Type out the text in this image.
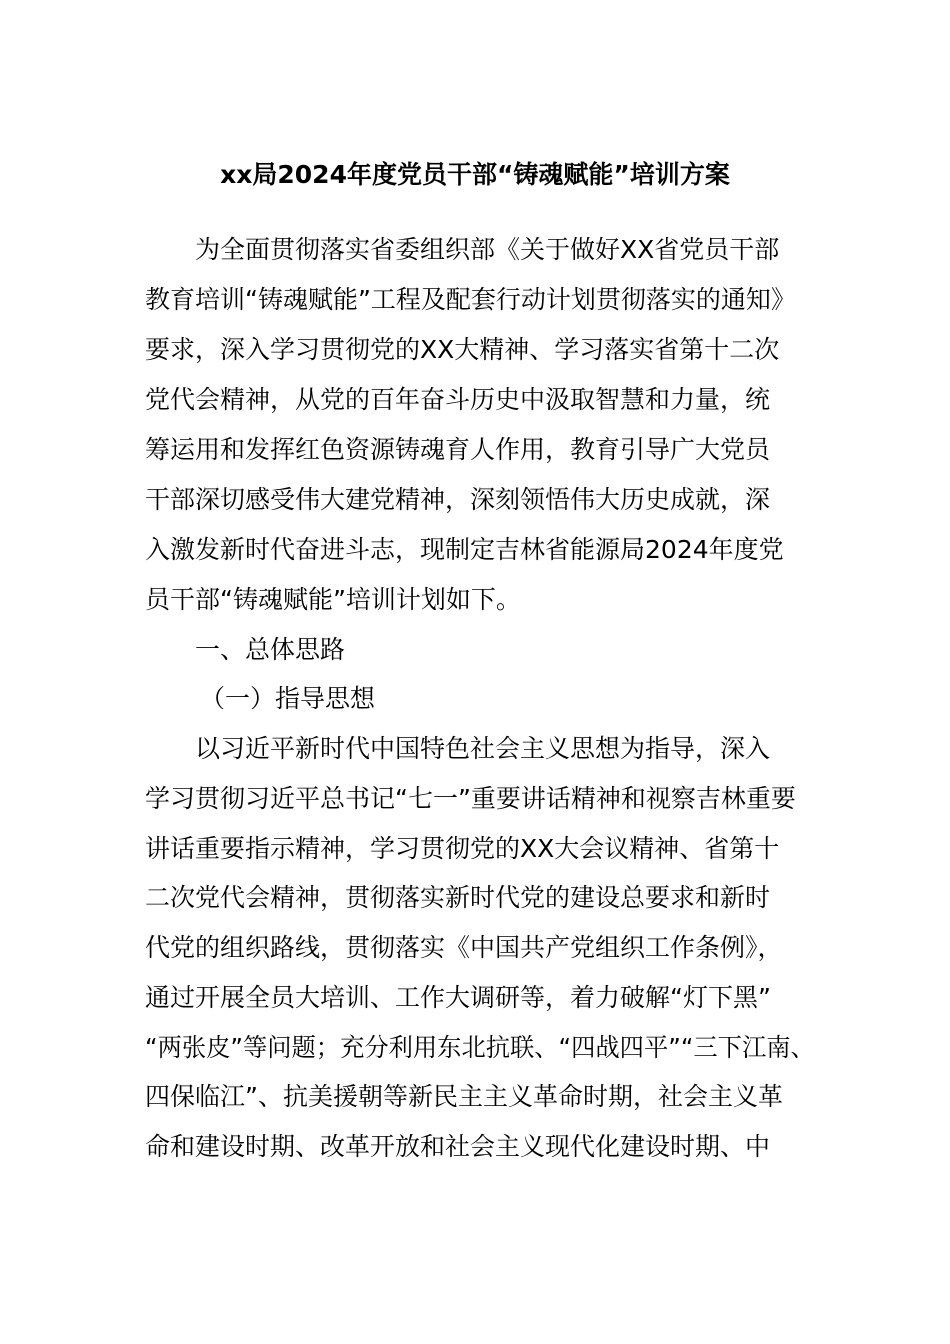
xx局2024年度党员干部“铸魂赋能”培训方案
为全面贯彻落实省委组织部《关于做好XX省党员干部
教育培训“铸魂赋能”工程及配套行动计划贯彻落实的通知》
要求，深入学习贯彻党的XX大精神、学习落实省第十二次
党代会精神，从党的百年奋斗历史中汲取智慧和力量，统
筹运用和发挥红色资源铸魂育人作用，教育引导广大党员
干部深切感受伟大建党精神，深刻领悟伟大历史成就，深
入激发新时代奋进斗志，现制定吉林省能源局2024年度党
员干部“铸魂赋能”培训计划如下。
一、总体思路
（一）指导思想
以习近平新时代中国特色社会主义思想为指导，深入
学习贯彻习近平总书记“七一”重要讲话精神和视察吉林重要
讲话重要指示精神，学习贯彻党的XX大会议精神、省第十
二次党代会精神，贯彻落实新时代党的建设总要求和新时
代党的组织路线，贯彻落实《中国共产党组织工作条例》，
通过开展全员大培训、工作大调研等，着力破解“灯下黑”
“两张皮”等问题；充分利用东北抗联、“四战四平”“三下江南、
四保临江”、抗美援朝等新民主主义革命时期，社会主义革
命和建设时期、改革开放和社会主义现代化建设时期、中
